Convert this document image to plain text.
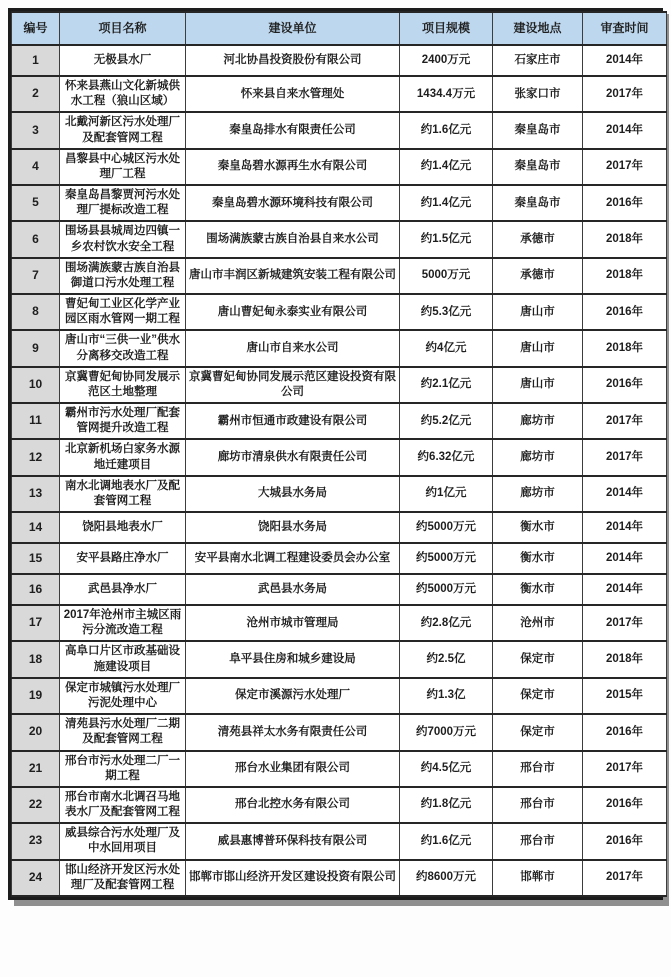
编号	项目名称	建设单位	项目规模	建设地点	审查时间
1	无极县水厂	河北协昌投资股份有限公司	2400万元	石家庄市	2014年
2	怀来县燕山文化新城供水工程（狼山区域）	怀来县自来水管理处	1434.4万元	张家口市	2017年
3	北戴河新区污水处理厂及配套管网工程	秦皇岛排水有限责任公司	约1.6亿元	秦皇岛市	2014年
4	昌黎县中心城区污水处理厂工程	秦皇岛碧水源再生水有限公司	约1.4亿元	秦皇岛市	2017年
5	秦皇岛昌黎贾河污水处理厂提标改造工程	秦皇岛碧水源环境科技有限公司	约1.4亿元	秦皇岛市	2016年
6	围场县县城周边四镇一乡农村饮水安全工程	围场满族蒙古族自治县自来水公司	约1.5亿元	承德市	2018年
7	围场满族蒙古族自治县御道口污水处理工程	唐山市丰润区新城建筑安装工程有限公司	5000万元	承德市	2018年
8	曹妃甸工业区化学产业园区雨水管网一期工程	唐山曹妃甸永泰实业有限公司	约5.3亿元	唐山市	2016年
9	唐山市“三供一业”供水分离移交改造工程	唐山市自来水公司	约4亿元	唐山市	2018年
10	京冀曹妃甸协同发展示范区土地整理	京冀曹妃甸协同发展示范区建设投资有限公司	约2.1亿元	唐山市	2016年
11	霸州市污水处理厂配套管网提升改造工程	霸州市恒通市政建设有限公司	约5.2亿元	廊坊市	2017年
12	北京新机场白家务水源地迁建项目	廊坊市清泉供水有限责任公司	约6.32亿元	廊坊市	2017年
13	南水北调地表水厂及配套管网工程	大城县水务局	约1亿元	廊坊市	2014年
14	饶阳县地表水厂	饶阳县水务局	约5000万元	衡水市	2014年
15	安平县路庄净水厂	安平县南水北调工程建设委员会办公室	约5000万元	衡水市	2014年
16	武邑县净水厂	武邑县水务局	约5000万元	衡水市	2014年
17	2017年沧州市主城区雨污分流改造工程	沧州市城市管理局	约2.8亿元	沧州市	2017年
18	高阜口片区市政基础设施建设项目	阜平县住房和城乡建设局	约2.5亿	保定市	2018年
19	保定市城镇污水处理厂污泥处理中心	保定市溪源污水处理厂	约1.3亿	保定市	2015年
20	清苑县污水处理厂二期及配套管网工程	清苑县祥太水务有限责任公司	约7000万元	保定市	2016年
21	邢台市污水处理二厂一期工程	邢台水业集团有限公司	约4.5亿元	邢台市	2017年
22	邢台市南水北调召马地表水厂及配套管网工程	邢台北控水务有限公司	约1.8亿元	邢台市	2016年
23	威县综合污水处理厂及中水回用项目	威县惠博普环保科技有限公司	约1.6亿元	邢台市	2016年
24	邯山经济开发区污水处理厂及配套管网工程	邯郸市邯山经济开发区建设投资有限公司	约8600万元	邯郸市	2017年
